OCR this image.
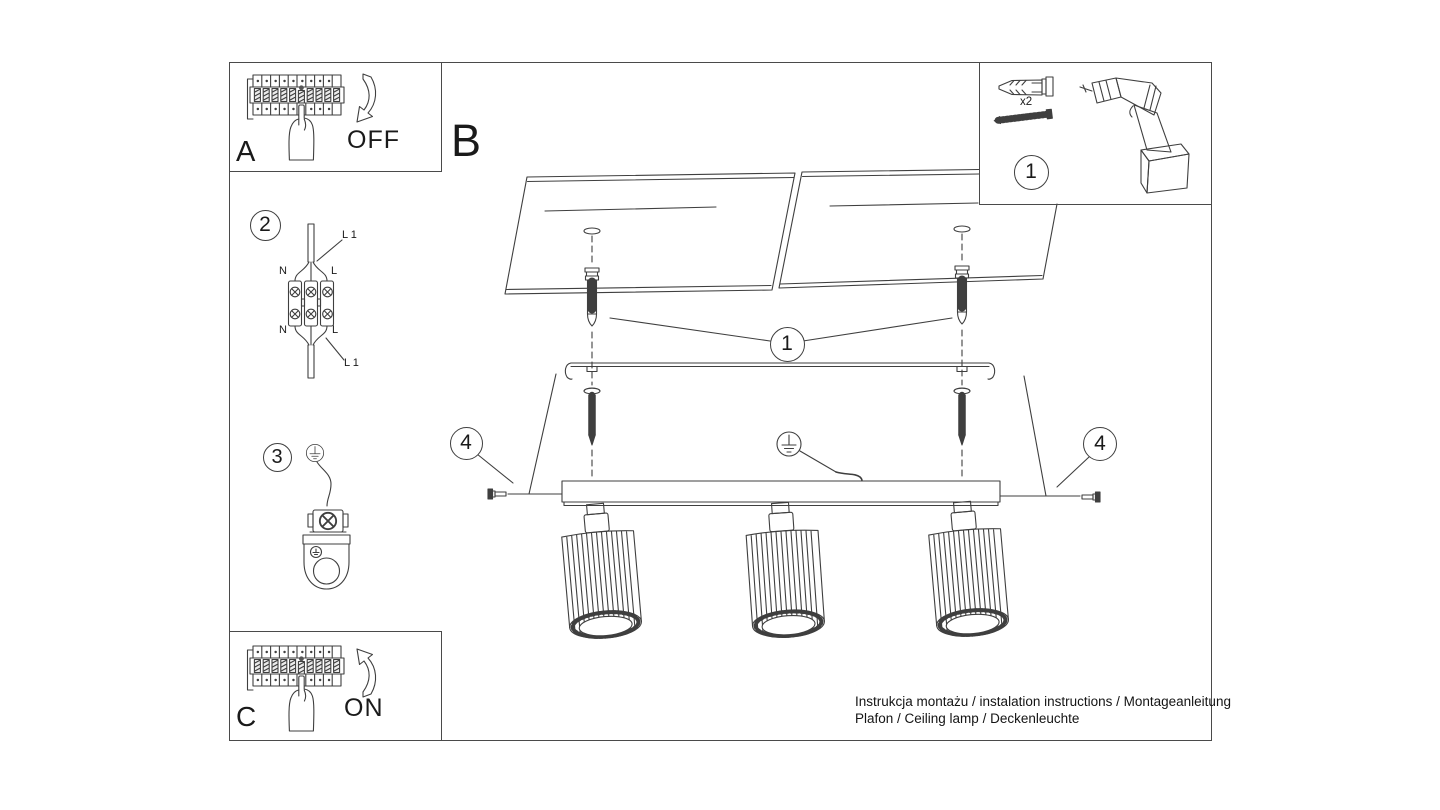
A	B
C
OFF
ON
2
3
1
1
4	4
N	L
N	L
L 1
L 1
x2
Instrukcja montażu / instalation instructions / Montageanleitung
Plafon / Ceiling lamp / Deckenleuchte
